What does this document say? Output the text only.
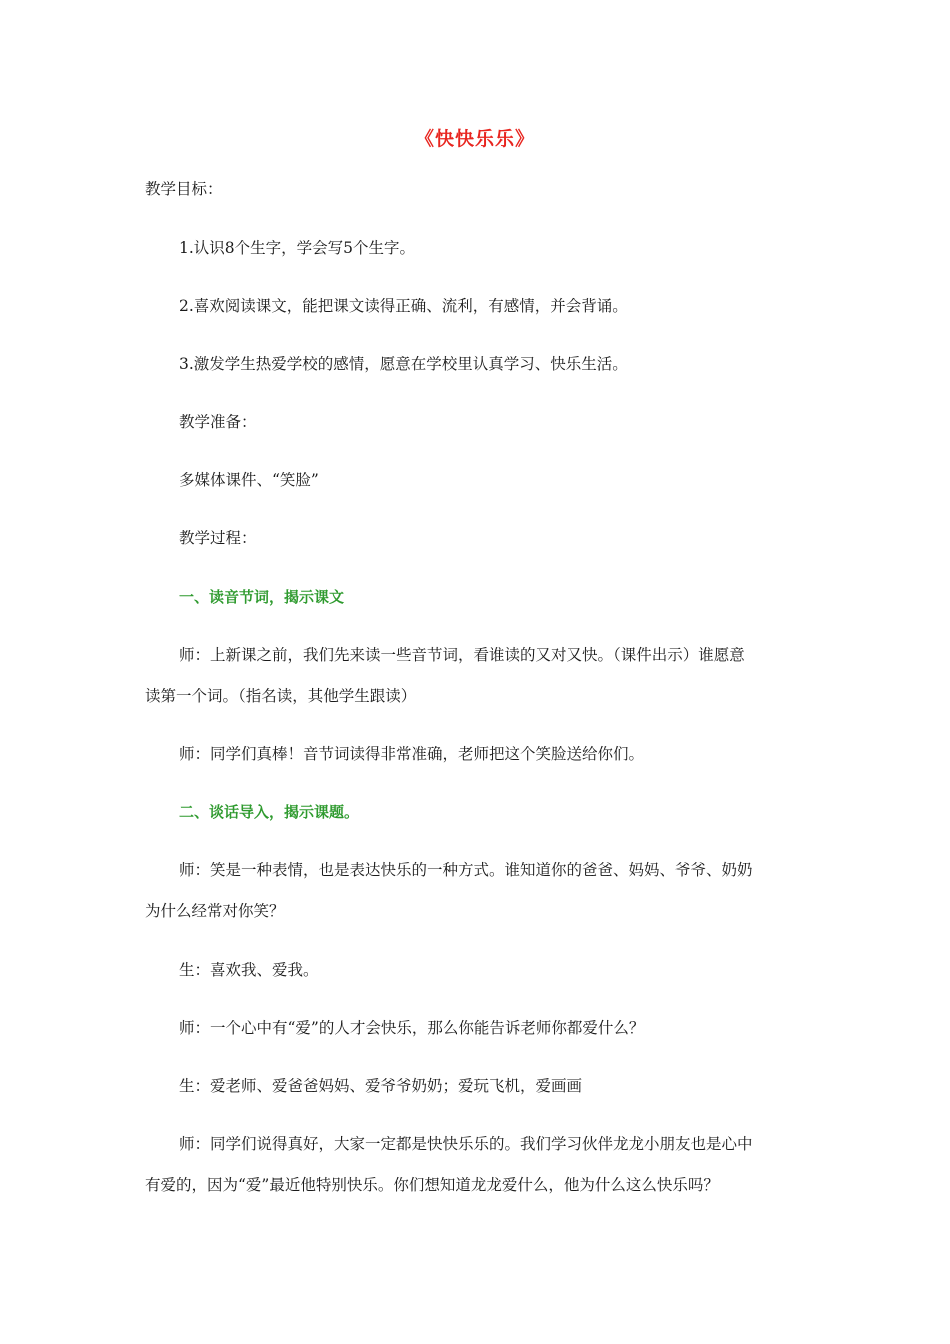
《快快乐乐》
教学目标：
1.认识8个生字，学会写5个生字。
2.喜欢阅读课文，能把课文读得正确、流利，有感情，并会背诵。
3.激发学生热爱学校的感情，愿意在学校里认真学习、快乐生活。
教学准备：
多媒体课件、“笑脸”
教学过程：
一、读音节词，揭示课文
师：上新课之前，我们先来读一些音节词，看谁读的又对又快。（课件出示）谁愿意
读第一个词。（指名读，其他学生跟读）
师：同学们真棒！音节词读得非常准确，老师把这个笑脸送给你们。
二、谈话导入，揭示课题。
师：笑是一种表情，也是表达快乐的一种方式。谁知道你的爸爸、妈妈、爷爷、奶奶
为什么经常对你笑？
生：喜欢我、爱我。
师：一个心中有“爱”的人才会快乐，那么你能告诉老师你都爱什么？
生：爱老师、爱爸爸妈妈、爱爷爷奶奶；爱玩飞机，爱画画
师：同学们说得真好，大家一定都是快快乐乐的。我们学习伙伴龙龙小朋友也是心中
有爱的，因为“爱”最近他特别快乐。你们想知道龙龙爱什么，他为什么这么快乐吗？
